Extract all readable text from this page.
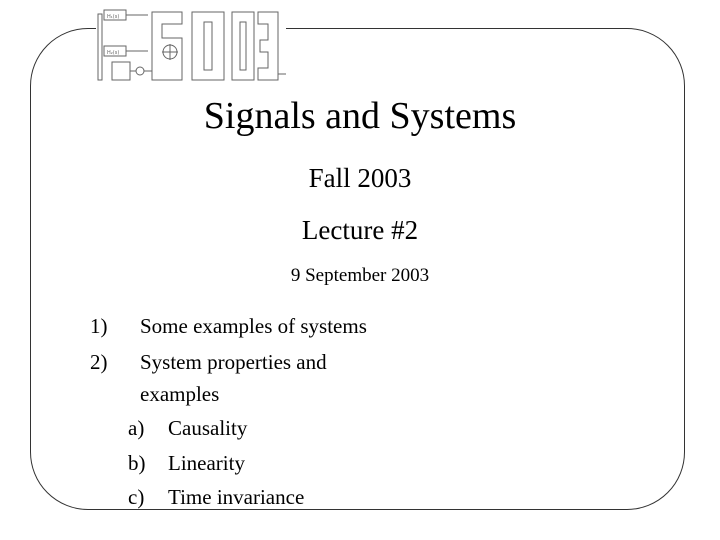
H₁(s)
H₂(s)
Signals and Systems
Fall 2003
Lecture #2
9 September 2003
1)	Some examples of systems
2)	System properties and
examples
a)	Causality
b)	Linearity
c)	Time invariance
